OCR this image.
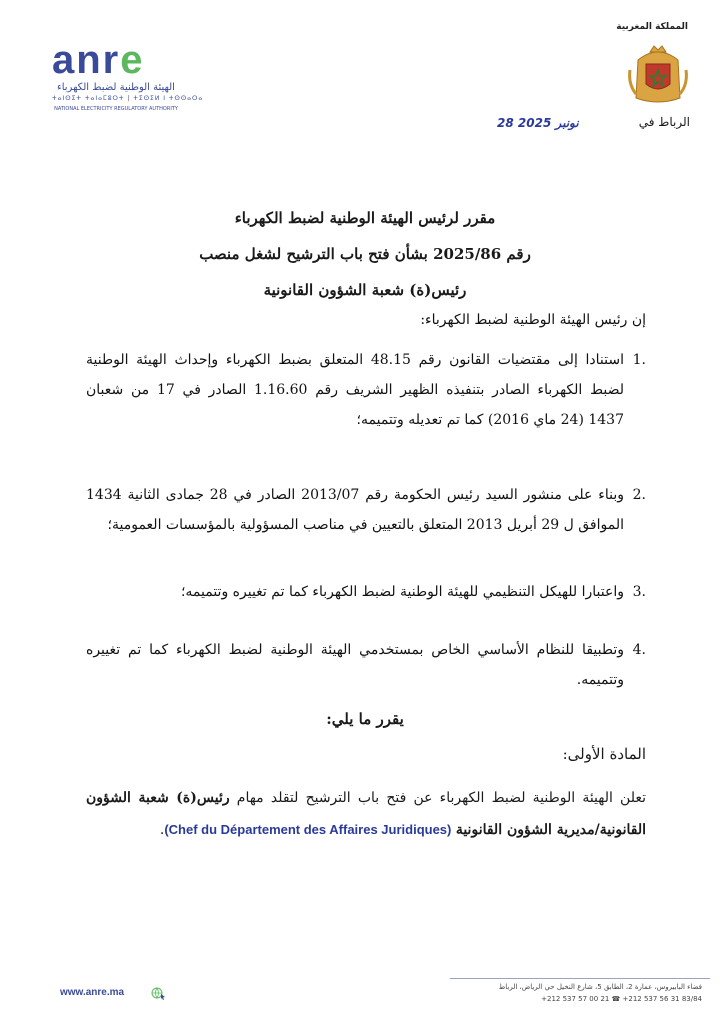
anre
الهيئة الوطنية لضبط الكهرباء
ⵜⴰⵏⵙⵉⵜ ⵜⴰⵏⴰⵎⵓⵔⵜ | ⵜⵉⵙⵉⵍ ⵏ ⵜⵙⵙⴰⵔⴰ
NATIONAL ELECTRICITY REGULATORY AUTHORITY
المملكة المغربية
الرباط في
28 نونبر 2025
مقرر لرئيس الهيئة الوطنية لضبط الكهرباء
رقم 2025/86 بشأن فتح باب الترشيح لشغل منصب
رئيس(ة) شعبة الشؤون القانونية
إن رئيس الهيئة الوطنية لضبط الكهرباء:
.1
استنادا إلى مقتضيات القانون رقم 48.15 المتعلق بضبط الكهرباء وإحداث الهيئة الوطنية لضبط الكهرباء الصادر بتنفيذه الظهير الشريف رقم 1.16.60 الصادر في 17 من شعبان 1437 (24 ماي 2016) كما تم تعديله وتتميمه؛
.2
وبناء على منشور السيد رئيس الحكومة رقم 2013/07 الصادر في 28 جمادى الثانية 1434 الموافق ل 29 أبريل 2013 المتعلق بالتعيين في مناصب المسؤولية بالمؤسسات العمومية؛
.3
واعتبارا للهيكل التنظيمي للهيئة الوطنية لضبط الكهرباء كما تم تغييره وتتميمه؛
.4
وتطبيقا للنظام الأساسي الخاص بمستخدمي الهيئة الوطنية لضبط الكهرباء كما تم تغييره وتتميمه.
يقرر ما يلي:
المادة الأولى:
تعلن الهيئة الوطنية لضبط الكهرباء عن فتح باب الترشيح لتقلد مهام رئيس(ة) شعبة الشؤون القانونية/مديرية الشؤون القانونية (Chef du Département des Affaires Juridiques).
www.anre.ma	فضاء البابيروس، عمارة 2، الطابق 5، شارع النخيل حي الرياض، الرباط
+212 537 57 00 21 ☎ +212 537 56 31 83/84
